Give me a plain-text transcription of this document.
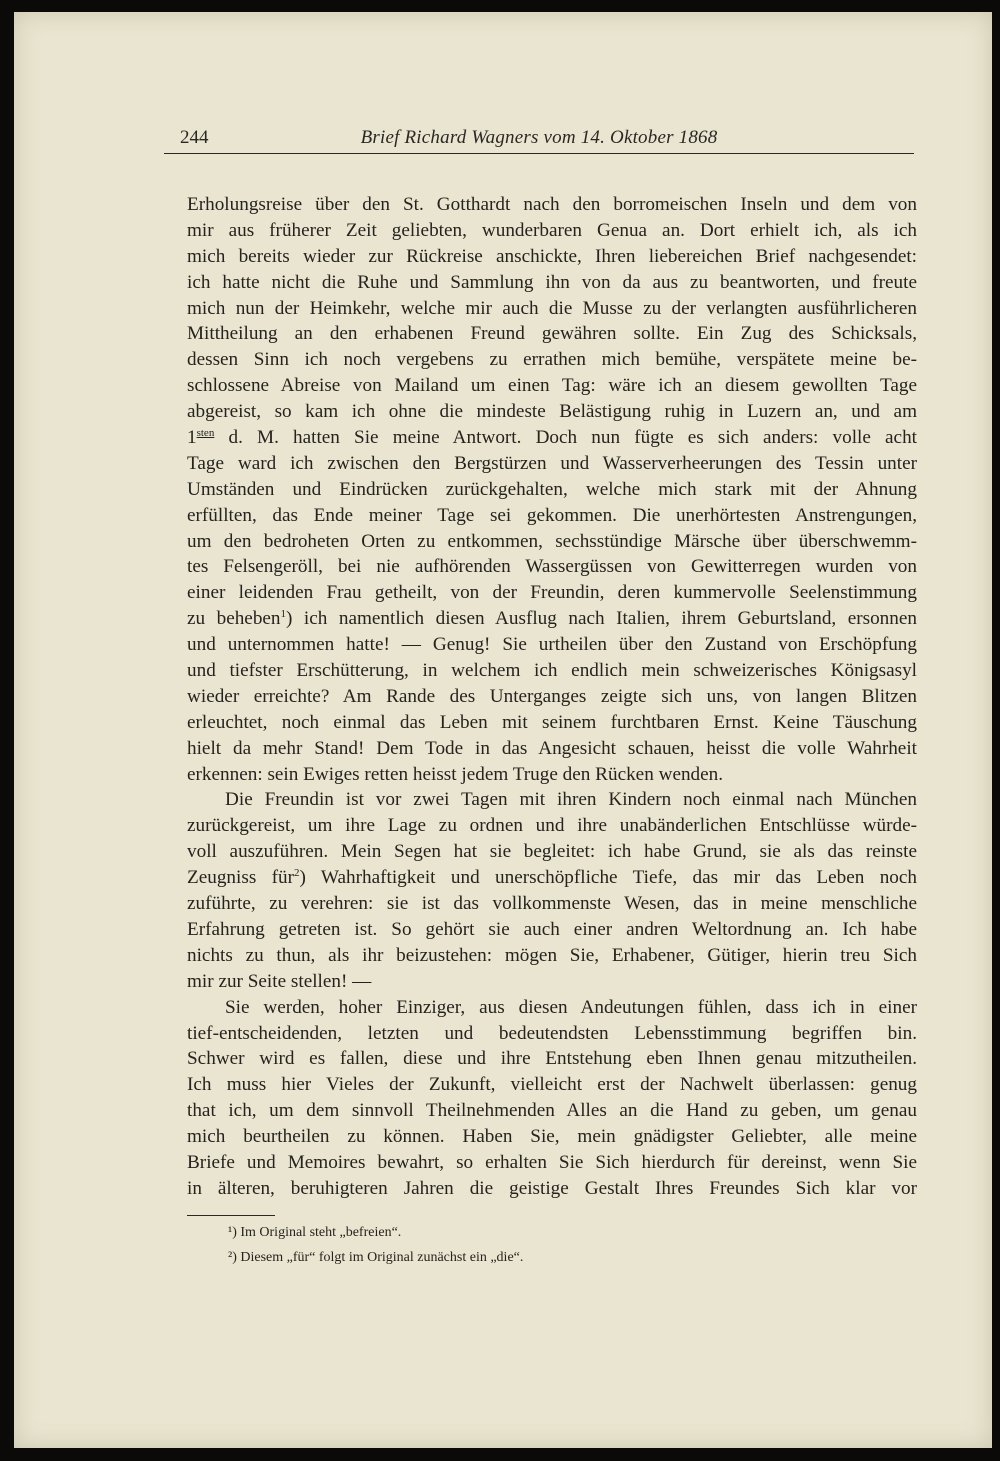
244	Brief Richard Wagners vom 14. Oktober 1868
Erholungsreise über den St. Gotthardt nach den borromeischen Inseln und dem von
mir aus früherer Zeit geliebten, wunderbaren Genua an. Dort erhielt ich, als ich
mich bereits wieder zur Rückreise anschickte, Ihren liebereichen Brief nachgesendet:
ich hatte nicht die Ruhe und Sammlung ihn von da aus zu beantworten, und freute
mich nun der Heimkehr, welche mir auch die Musse zu der verlangten ausführlicheren
Mittheilung an den erhabenen Freund gewähren sollte. Ein Zug des Schicksals,
dessen Sinn ich noch vergebens zu errathen mich bemühe, verspätete meine be-
schlossene Abreise von Mailand um einen Tag: wäre ich an diesem gewollten Tage
abgereist, so kam ich ohne die mindeste Belästigung ruhig in Luzern an, und am
$1^{sten}$ d. M. hatten Sie meine Antwort. Doch nun fügte es sich anders: volle acht
Tage ward ich zwischen den Bergstürzen und Wasserverheerungen des Tessin unter
Umständen und Eindrücken zurückgehalten, welche mich stark mit der Ahnung
erfüllten, das Ende meiner Tage sei gekommen. Die unerhörtesten Anstrengungen,
um den bedroheten Orten zu entkommen, sechsstündige Märsche über überschwemm-
tes Felsengeröll, bei nie aufhörenden Wassergüssen von Gewitterregen wurden von
einer leidenden Frau getheilt, von der Freundin, deren kummervolle Seelenstimmung
zu beheben$^1$) ich namentlich diesen Ausflug nach Italien, ihrem Geburtsland, ersonnen
und unternommen hatte! — Genug! Sie urtheilen über den Zustand von Erschöpfung
und tiefster Erschütterung, in welchem ich endlich mein schweizerisches Königsasyl
wieder erreichte? Am Rande des Unterganges zeigte sich uns, von langen Blitzen
erleuchtet, noch einmal das Leben mit seinem furchtbaren Ernst. Keine Täuschung
hielt da mehr Stand! Dem Tode in das Angesicht schauen, heisst die volle Wahrheit
erkennen: sein Ewiges retten heisst jedem Truge den Rücken wenden.
Die Freundin ist vor zwei Tagen mit ihren Kindern noch einmal nach München
zurückgereist, um ihre Lage zu ordnen und ihre unabänderlichen Entschlüsse würde-
voll auszuführen. Mein Segen hat sie begleitet: ich habe Grund, sie als das reinste
Zeugniss für$^2$) Wahrhaftigkeit und unerschöpfliche Tiefe, das mir das Leben noch
zuführte, zu verehren: sie ist das vollkommenste Wesen, das in meine menschliche
Erfahrung getreten ist. So gehört sie auch einer andren Weltordnung an. Ich habe
nichts zu thun, als ihr beizustehen: mögen Sie, Erhabener, Gütiger, hierin treu Sich
mir zur Seite stellen! —
Sie werden, hoher Einziger, aus diesen Andeutungen fühlen, dass ich in einer
tief-entscheidenden, letzten und bedeutendsten Lebensstimmung begriffen bin.
Schwer wird es fallen, diese und ihre Entstehung eben Ihnen genau mitzutheilen.
Ich muss hier Vieles der Zukunft, vielleicht erst der Nachwelt überlassen: genug
that ich, um dem sinnvoll Theilnehmenden Alles an die Hand zu geben, um genau
mich beurtheilen zu können. Haben Sie, mein gnädigster Geliebter, alle meine
Briefe und Memoires bewahrt, so erhalten Sie Sich hierdurch für dereinst, wenn Sie
in älteren, beruhigteren Jahren die geistige Gestalt Ihres Freundes Sich klar vor
¹) Im Original steht „befreien“.
²) Diesem „für“ folgt im Original zunächst ein „die“.
